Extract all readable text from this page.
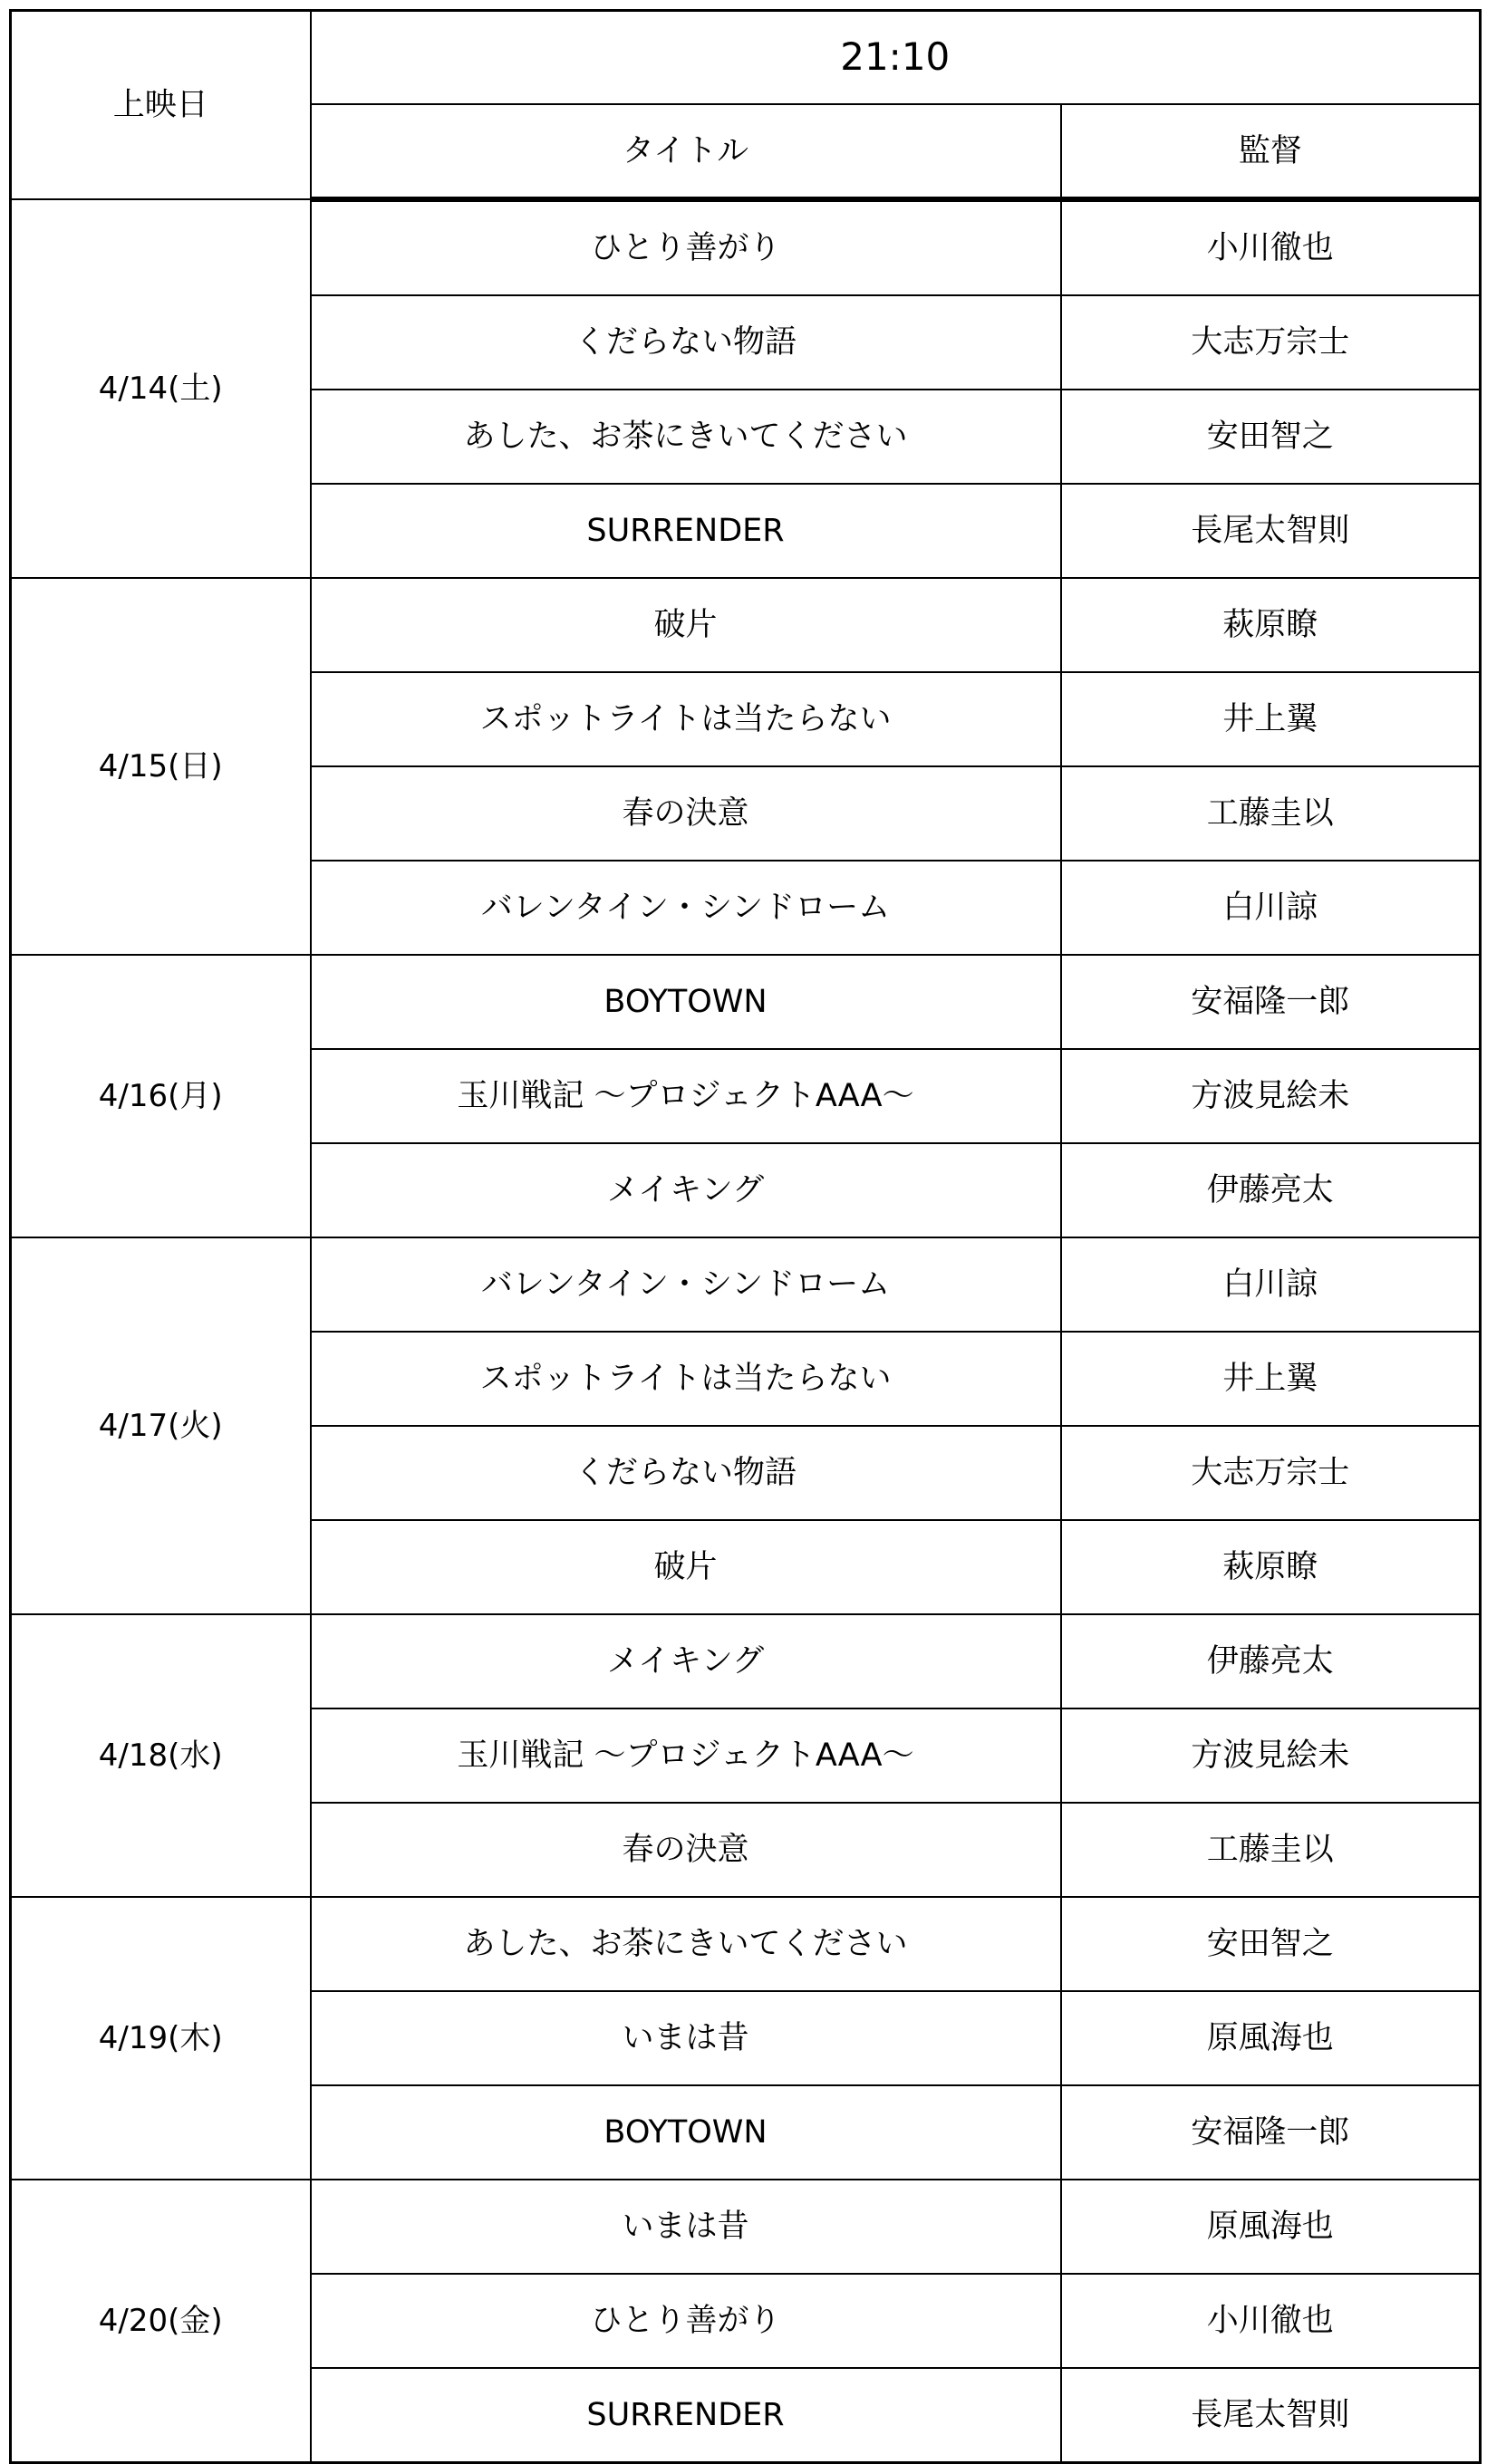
上映日	21:10	
	タイトル	監督
4/14(土)	ひとり善がり	小川徹也
	くだらない物語	大志万宗士
	あした、お茶にきいてください	安田智之
	SURRENDER	長尾太智則
4/15(日)	破片	萩原瞭
	スポットライトは当たらない	井上翼
	春の決意	工藤圭以
	バレンタイン・シンドローム	白川諒
4/16(月)	BOYTOWN	安福隆一郎
	玉川戦記 〜プロジェクトAAA〜	方波見絵未
	メイキング	伊藤亮太
4/17(火)	バレンタイン・シンドローム	白川諒
	スポットライトは当たらない	井上翼
	くだらない物語	大志万宗士
	破片	萩原瞭
4/18(水)	メイキング	伊藤亮太
	玉川戦記 〜プロジェクトAAA〜	方波見絵未
	春の決意	工藤圭以
4/19(木)	あした、お茶にきいてください	安田智之
	いまは昔	原風海也
	BOYTOWN	安福隆一郎
4/20(金)	いまは昔	原風海也
	ひとり善がり	小川徹也
	SURRENDER	長尾太智則
